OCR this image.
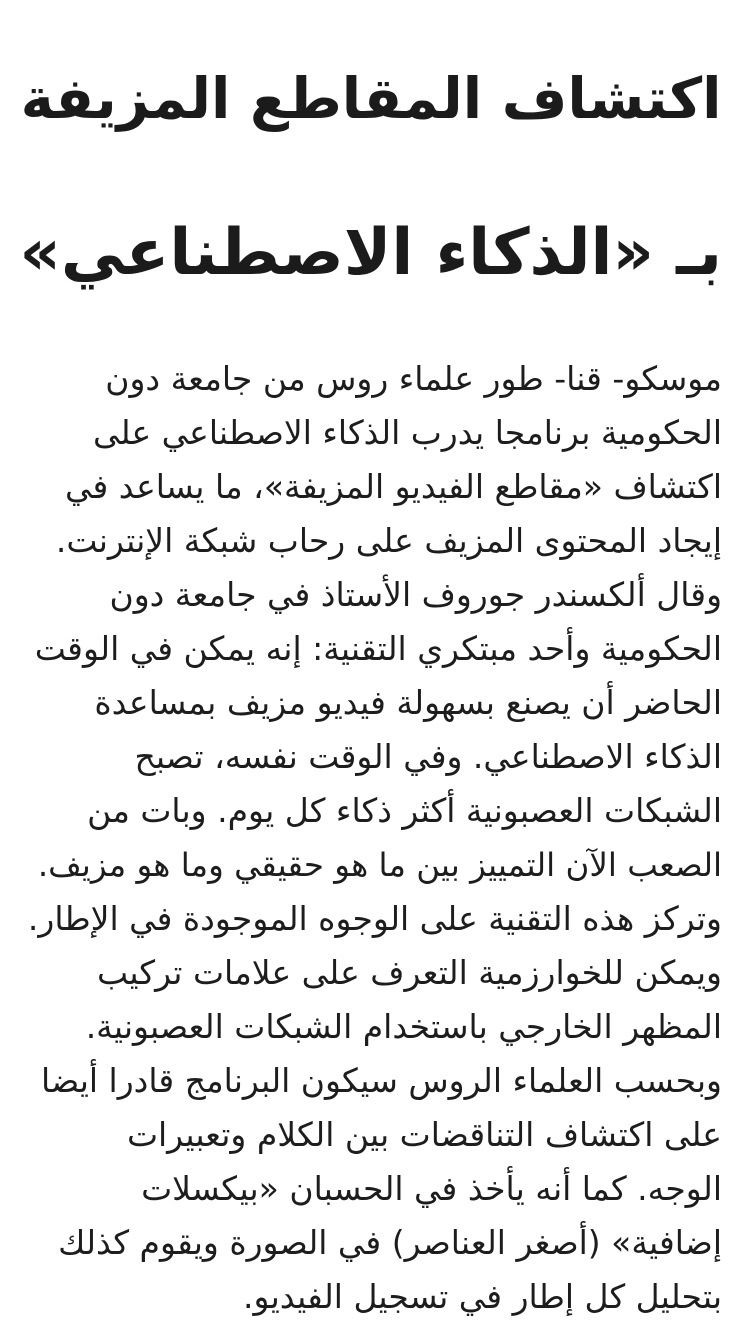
اكتشاف المقاطع المزيفة
بـ «الذكاء الاصطناعي»
موسكو- قنا- طور علماء روس من جامعة دون
الحكومية برنامجا يدرب الذكاء الاصطناعي على
اكتشاف «مقاطع الفيديو المزيفة»، ما يساعد في
إيجاد المحتوى المزيف على رحاب شبكة الإنترنت.
وقال ألكسندر جوروف الأستاذ في جامعة دون
الحكومية وأحد مبتكري التقنية: إنه يمكن في الوقت
الحاضر أن يصنع بسهولة فيديو مزيف بمساعدة
الذكاء الاصطناعي. وفي الوقت نفسه، تصبح
الشبكات العصبونية أكثر ذكاء كل يوم. وبات من
الصعب الآن التمييز بين ما هو حقيقي وما هو مزيف.
وتركز هذه التقنية على الوجوه الموجودة في الإطار.
ويمكن للخوارزمية التعرف على علامات تركيب
المظهر الخارجي باستخدام الشبكات العصبونية.
وبحسب العلماء الروس سيكون البرنامج قادرا أيضا
على اكتشاف التناقضات بين الكلام وتعبيرات
الوجه. كما أنه يأخذ في الحسبان «بيكسلات
إضافية» (أصغر العناصر) في الصورة ويقوم كذلك
بتحليل كل إطار في تسجيل الفيديو.
